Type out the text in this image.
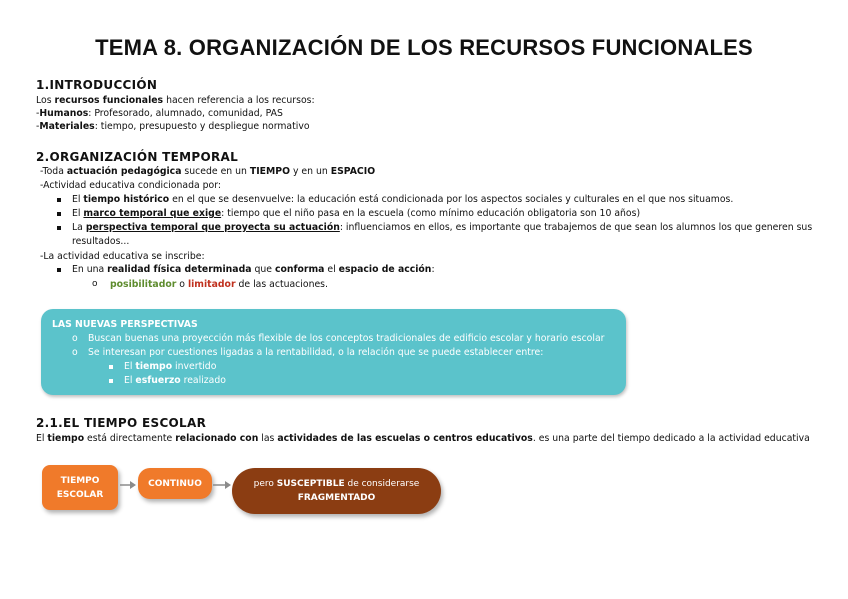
TEMA 8. ORGANIZACIÓN DE LOS RECURSOS FUNCIONALES
1.INTRODUCCIÓN
Los recursos funcionales hacen referencia a los recursos:
-Humanos: Profesorado, alumnado, comunidad, PAS
-Materiales: tiempo, presupuesto y despliegue normativo
2.ORGANIZACIÓN TEMPORAL
-Toda actuación pedagógica sucede en un TIEMPO y en un ESPACIO
-Actividad educativa condicionada por:
El tiempo histórico en el que se desenvuelve: la educación está condicionada por los aspectos sociales y culturales en el que nos situamos.
El marco temporal que exige: tiempo que el niño pasa en la escuela (como mínimo educación obligatoria son 10 años)
La perspectiva temporal que proyecta su actuación: influenciamos en ellos, es importante que trabajemos de que sean los alumnos los que generen sus
resultados...
-La actividad educativa se inscribe:
En una realidad física determinada que conforma el espacio de acción:
o posibilitador o limitador de las actuaciones.
LAS NUEVAS PERSPECTIVAS
o Buscan buenas una proyección más flexible de los conceptos tradicionales de edificio escolar y horario escolar
o Se interesan por cuestiones ligadas a la rentabilidad, o la relación que se puede establecer entre:
El tiempo invertido
El esfuerzo realizado
2.1.EL TIEMPO ESCOLAR
El tiempo está directamente relacionado con las actividades de las escuelas o centros educativos. es una parte del tiempo dedicado a la actividad educativa
TIEMPO
ESCOLAR
CONTINUO	pero SUSCEPTIBLE de considerarse
FRAGMENTADO
